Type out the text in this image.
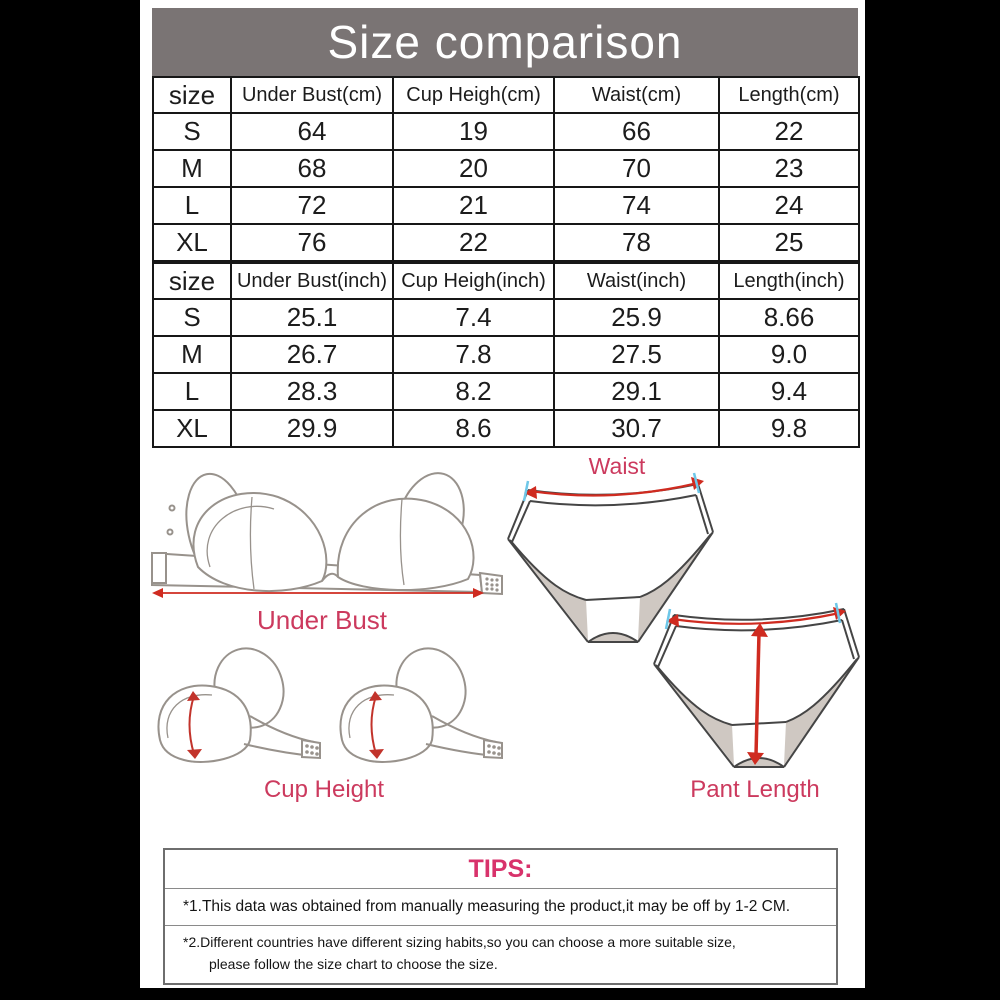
Size comparison
size	Under Bust(cm)	Cup Heigh(cm)	Waist(cm)	Length(cm)
S	64	19	66	22
M	68	20	70	23
L	72	21	74	24
XL	76	22	78	25
size	Under Bust(inch)	Cup Heigh(inch)	Waist(inch)	Length(inch)
S	25.1	7.4	25.9	8.66
M	26.7	7.8	27.5	9.0
L	28.3	8.2	29.1	9.4
XL	29.9	8.6	30.7	9.8
Under Bust
Waist
Cup Height	Pant Length
TIPS:
*1.This data was obtained from manually measuring the product,it may be off by 1-2 CM.
*2.Different countries have different sizing habits,so you can choose a more suitable size,
please follow the size chart to choose the size.
